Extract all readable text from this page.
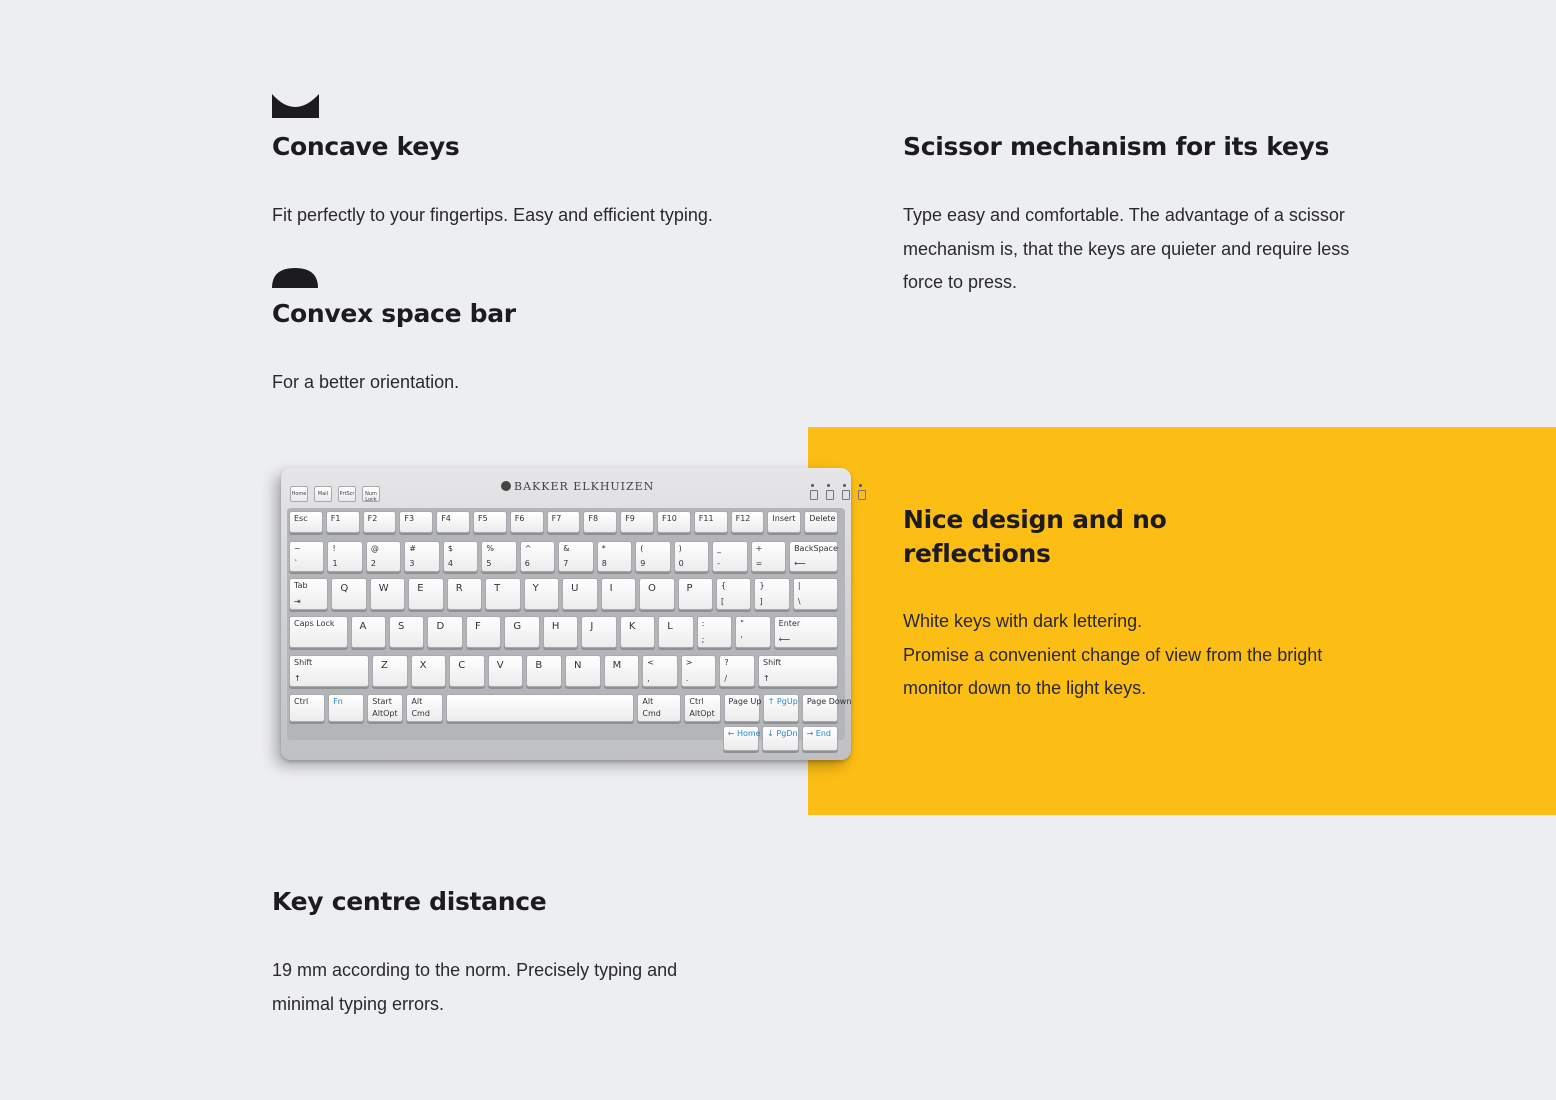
Concave keys

Fit perfectly to your fingertips. Easy and efficient typing.

Convex space bar

For a better orientation.

Scissor mechanism for its keys

Type easy and comfortable. The advantage of a scissor mechanism is, that the keys are quieter and require less force to press.

Nice design and no reflections

White keys with dark lettering.

Promise a convenient change of view from the bright monitor down to the light keys.

BAKKER ELKHUIZEN
Home	Mail	PrtScr	Num Lock
Esc	F1	F2	F3	F4	F5	F6	F7	F8	F9	F10	F11	F12	Insert Delete
~
`
!
1
@
2
#
3
$
4
%
5
^
6
&
7
*
8
(
9
)
0
_
-
+
=
BackSpace
⟵
Tab
⇥
Q	W	E	R	T	Y	U	I	O	P	{
[
}
]
|
\
Caps Lock	A	S	D	F	G	H	J	K	L	:
;
"
'
Enter
⟵
Shift
↑
Z	X	C	V	B	N	M	<
,
>
.
?
/
Shift
↑
Ctrl	Fn	Start
AltOpt
Alt
Cmd
Alt
Cmd
Ctrl
AltOpt
Page Up ↑ PgUp Page Down
← Home ↓ PgDn → End
Key centre distance

19 mm according to the norm. Precisely typing and minimal typing errors.
